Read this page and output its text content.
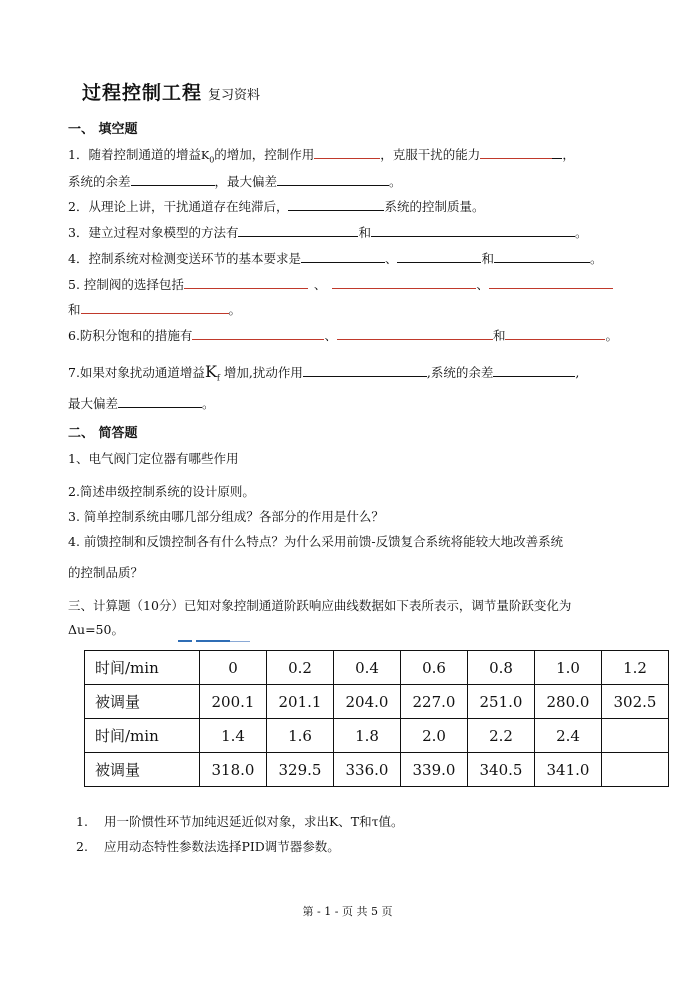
过程控制工程 复习资料
一、 填空题
1．随着控制通道的增益$K_0$的增加，控制作用	，克服干扰的能力	，
系统的余差	，最大偏差	。
2．从理论上讲，干扰通道存在纯滞后，	系统的控制质量。
3．建立过程对象模型的方法有	和	。
4．控制系统对检测变送环节的基本要求是	、	和	。
5. 控制阀的选择包括	、	、
和	。
6.防积分饱和的措施有	、	和	。
7.如果对象扰动通道增益$K_f$ 增加,扰动作用	,系统的余差	,
最大偏差	。
二、 简答题
1、电气阀门定位器有哪些作用
2.简述串级控制系统的设计原则。
3. 简单控制系统由哪几部分组成？各部分的作用是什么？
4. 前馈控制和反馈控制各有什么特点？为什么采用前馈-反馈复合系统将能较大地改善系统
的控制品质？
三、计算题（10分）已知对象控制通道阶跃响应曲线数据如下表所表示，调节量阶跃变化为
Δu=50。
时间/min	0	0.2	0.4	0.6	0.8	1.0	1.2
被调量	200.1	201.1	204.0	227.0	251.0	280.0	302.5
时间/min	1.4	1.6	1.8	2.0	2.2	2.4	
被调量	318.0	329.5	336.0	339.0	340.5	341.0	
1. 用一阶惯性环节加纯迟延近似对象，求出K、T和τ值。
2. 应用动态特性参数法选择PID调节器参数。
第 - 1 - 页 共 5 页
